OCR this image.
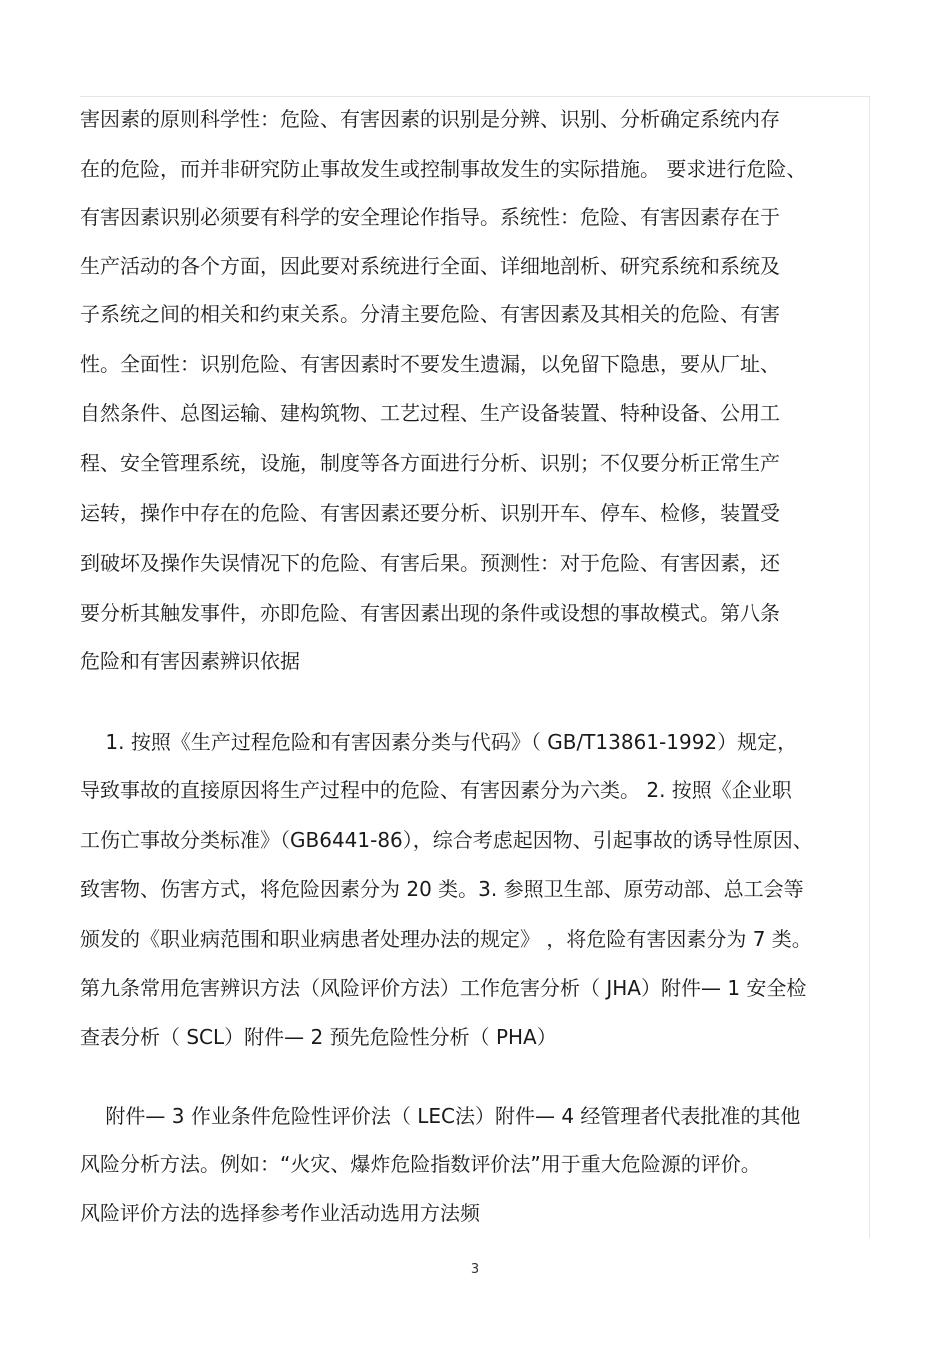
害因素的原则科学性：危险、有害因素的识别是分辨、识别、分析确定系统内存
在的危险，而并非研究防止事故发生或控制事故发生的实际措施。 要求进行危险、
有害因素识别必须要有科学的安全理论作指导。系统性：危险、有害因素存在于
生产活动的各个方面，因此要对系统进行全面、详细地剖析、研究系统和系统及
子系统之间的相关和约束关系。分清主要危险、有害因素及其相关的危险、有害
性。全面性：识别危险、有害因素时不要发生遗漏，以免留下隐患，要从厂址、
自然条件、总图运输、建构筑物、工艺过程、生产设备装置、特种设备、公用工
程、安全管理系统，设施，制度等各方面进行分析、识别；不仅要分析正常生产
运转，操作中存在的危险、有害因素还要分析、识别开车、停车、检修，装置受
到破坏及操作失误情况下的危险、有害后果。预测性：对于危险、有害因素，还
要分析其触发事件，亦即危险、有害因素出现的条件或设想的事故模式。第八条
危险和有害因素辨识依据
1. 按照《生产过程危险和有害因素分类与代码》（ GB/T13861-1992）规定，
导致事故的直接原因将生产过程中的危险、有害因素分为六类。 2. 按照《企业职
工伤亡事故分类标准》（GB6441-86），综合考虑起因物、引起事故的诱导性原因、
致害物、伤害方式，将危险因素分为 20 类。3. 参照卫生部、原劳动部、总工会等
颁发的《职业病范围和职业病患者处理办法的规定》 ，将危险有害因素分为 7 类。
第九条常用危害辨识方法（风险评价方法）工作危害分析（ JHA）附件— 1 安全检
查表分析（ SCL）附件— 2 预先危险性分析（ PHA）
附件— 3 作业条件危险性评价法（ LEC法）附件— 4 经管理者代表批准的其他
风险分析方法。例如：“火灾、爆炸危险指数评价法”用于重大危险源的评价。
风险评价方法的选择参考作业活动选用方法频
3
